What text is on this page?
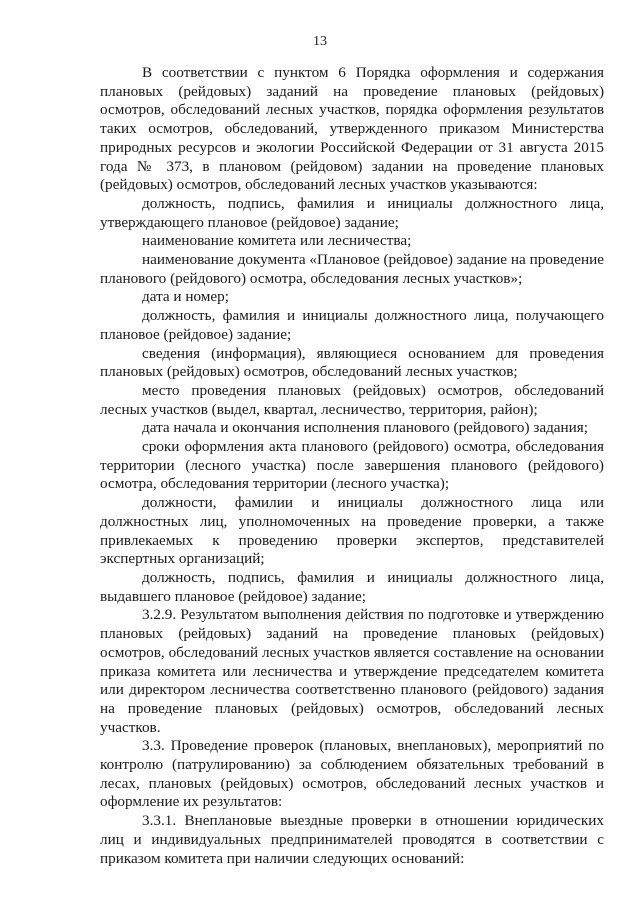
13

В соответствии с пунктом 6 Порядка оформления и содержания плановых (рейдовых) заданий на проведение плановых (рейдовых) осмотров, обследований лесных участков, порядка оформления результатов таких осмотров, обследований, утвержденного приказом Министерства природных ресурсов и экологии Российской Федерации от 31 августа 2015 года № 373, в плановом (рейдовом) задании на проведение плановых (рейдовых) осмотров, обследований лесных участков указываются:

должность, подпись, фамилия и инициалы должностного лица, утверждающего плановое (рейдовое) задание;

наименование комитета или лесничества;

наименование документа «Плановое (рейдовое) задание на проведение планового (рейдового) осмотра, обследования лесных участков»;

дата и номер;

должность, фамилия и инициалы должностного лица, получающего плановое (рейдовое) задание;

сведения (информация), являющиеся основанием для проведения плановых (рейдовых) осмотров, обследований лесных участков;

место проведения плановых (рейдовых) осмотров, обследований лесных участков (выдел, квартал, лесничество, территория, район);

дата начала и окончания исполнения планового (рейдового) задания;

сроки оформления акта планового (рейдового) осмотра, обследования территории (лесного участка) после завершения планового (рейдового) осмотра, обследования территории (лесного участка);

должности, фамилии и инициалы должностного лица или должностных лиц, уполномоченных на проведение проверки, а также привлекаемых к проведению проверки экспертов, представителей экспертных организаций;

должность, подпись, фамилия и инициалы должностного лица, выдавшего плановое (рейдовое) задание;

3.2.9. Результатом выполнения действия по подготовке и утверждению плановых (рейдовых) заданий на проведение плановых (рейдовых) осмотров, обследований лесных участков является составление на основании приказа комитета или лесничества и утверждение председателем комитета или директором лесничества соответственно планового (рейдового) задания на проведение плановых (рейдовых) осмотров, обследований лесных участков.

3.3. Проведение проверок (плановых, внеплановых), мероприятий по контролю (патрулированию) за соблюдением обязательных требований в лесах, плановых (рейдовых) осмотров, обследований лесных участков и оформление их результатов:

3.3.1. Внеплановые выездные проверки в отношении юридических лиц и индивидуальных предпринимателей проводятся в соответствии с приказом комитета при наличии следующих оснований:
